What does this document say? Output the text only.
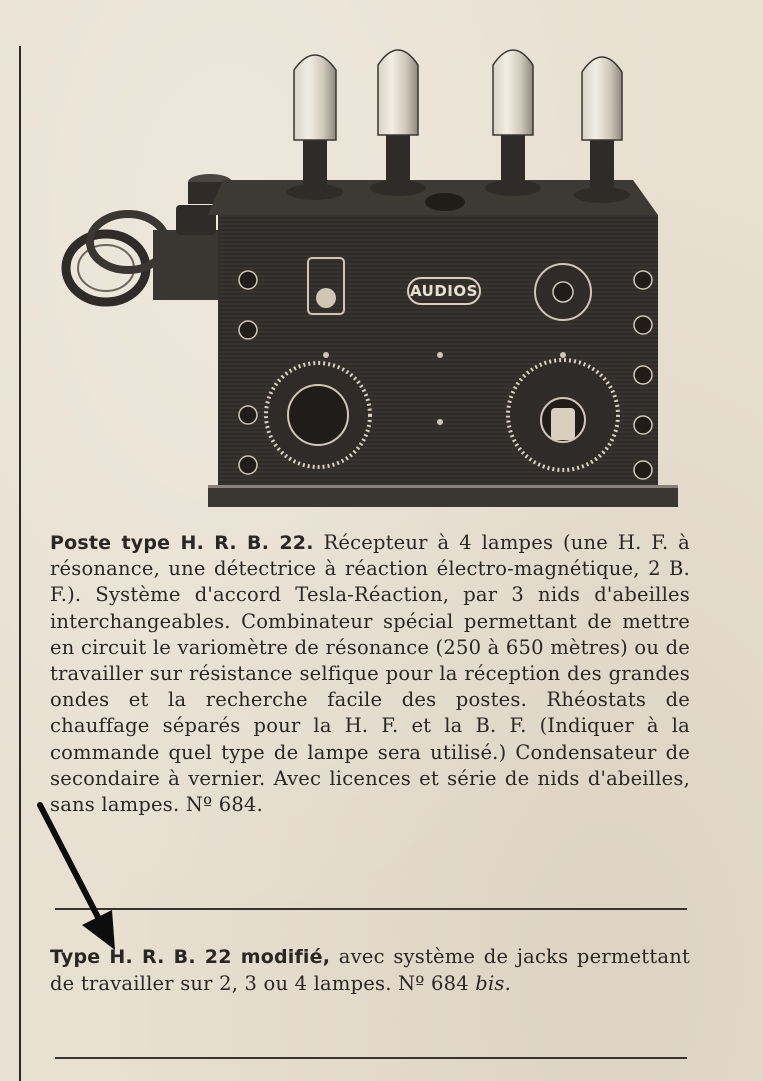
AUDIOS
Poste type H. R. B. 22. Récepteur à 4 lampes (une H. F. à résonance, une détectrice à réaction électro-magnétique, 2 B. F.). Système d'accord Tesla-Réaction, par 3 nids d'abeilles interchangeables. Combinateur spécial permettant de mettre en circuit le variomètre de résonance (250 à 650 mètres) ou de travailler sur résistance selfique pour la réception des grandes ondes et la recherche facile des postes. Rhéostats de chauffage séparés pour la H. F. et la B. F. (Indiquer à la commande quel type de lampe sera utilisé.) Condensateur de secondaire à vernier. Avec licences et série de nids d'abeilles, sans lampes. Nº 684.
Type H. R. B. 22 modifié, avec système de jacks permettant de travailler sur 2, 3 ou 4 lampes. Nº 684 bis.
